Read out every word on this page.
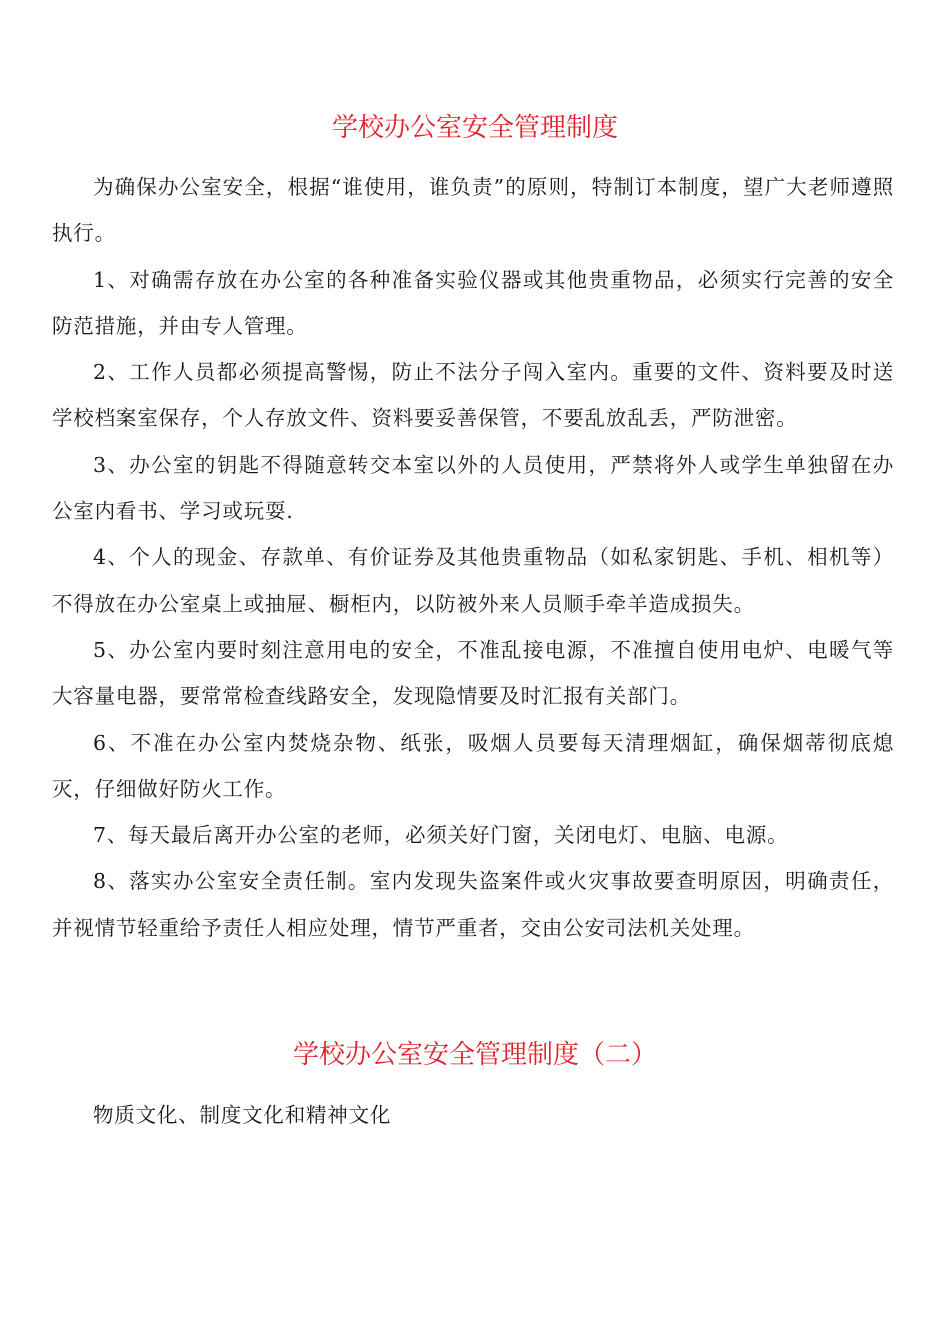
学校办公室安全管理制度

为确保办公室安全，根据“谁使用，谁负责”的原则，特制订本制度，望广大老师遵照执行。

1、对确需存放在办公室的各种准备实验仪器或其他贵重物品，必须实行完善的安全防范措施，并由专人管理。

2、工作人员都必须提高警惕，防止不法分子闯入室内。重要的文件、资料要及时送学校档案室保存，个人存放文件、资料要妥善保管，不要乱放乱丢，严防泄密。

3、办公室的钥匙不得随意转交本室以外的人员使用，严禁将外人或学生单独留在办公室内看书、学习或玩耍.

4、个人的现金、存款单、有价证券及其他贵重物品（如私家钥匙、手机、相机等）不得放在办公室桌上或抽屉、橱柜内，以防被外来人员顺手牵羊造成损失。

5、办公室内要时刻注意用电的安全，不准乱接电源，不准擅自使用电炉、电暖气等大容量电器，要常常检查线路安全，发现隐情要及时汇报有关部门。

6、不准在办公室内焚烧杂物、纸张，吸烟人员要每天清理烟缸，确保烟蒂彻底熄灭，仔细做好防火工作。

7、每天最后离开办公室的老师，必须关好门窗，关闭电灯、电脑、电源。

8、落实办公室安全责任制。室内发现失盗案件或火灾事故要查明原因，明确责任，并视情节轻重给予责任人相应处理，情节严重者，交由公安司法机关处理。

学校办公室安全管理制度（二）

物质文化、制度文化和精神文化
